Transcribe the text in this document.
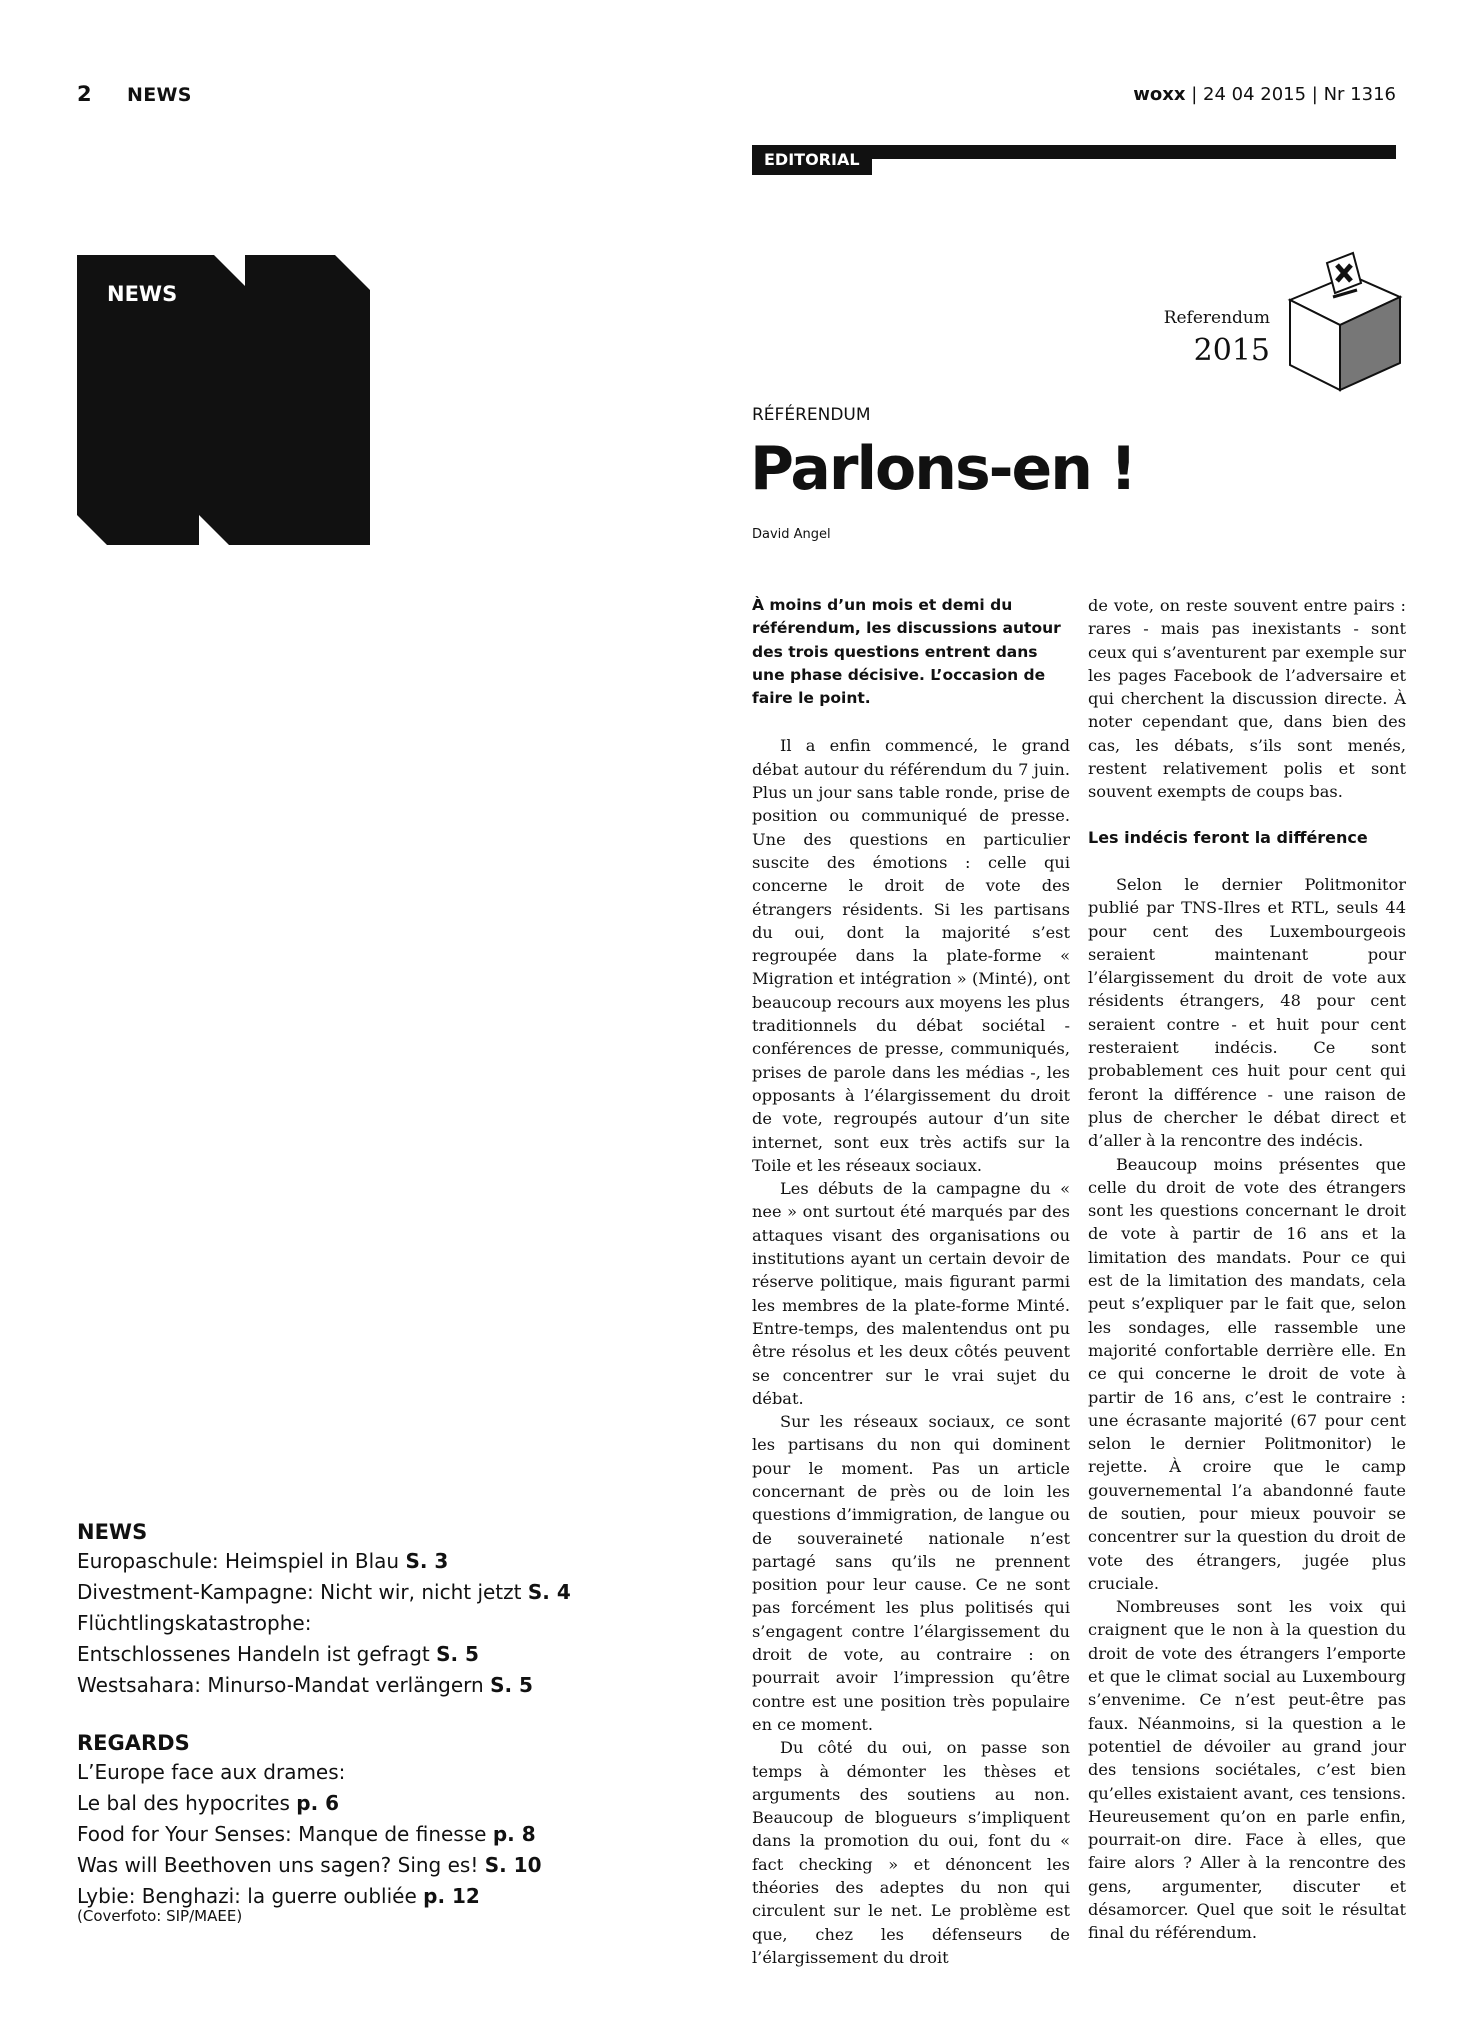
2 NEWS	woxx | 24 04 2015 | Nr 1316
EDITORIAL
NEWS
Referendum
2015
RÉFÉRENDUM
Parlons-en !
David Angel

À moins d’un mois et demi du référendum, les discussions autour des trois questions entrent dans une phase décisive. L’occasion de faire le point.

Il a enfin commencé, le grand débat autour du référendum du 7 juin. Plus un jour sans table ronde, prise de position ou communiqué de presse. Une des questions en particulier suscite des émotions : celle qui concerne le droit de vote des étrangers résidents. Si les partisans du oui, dont la majorité s’est regroupée dans la plate-forme « Migration et intégration » (Minté), ont beaucoup recours aux moyens les plus traditionnels du débat sociétal - conférences de presse, communiqués, prises de parole dans les médias -, les opposants à l’élargissement du droit de vote, regroupés autour d’un site internet, sont eux très actifs sur la Toile et les réseaux sociaux.

Les débuts de la campagne du « nee » ont surtout été marqués par des attaques visant des organisations ou institutions ayant un certain devoir de réserve politique, mais figurant parmi les membres de la plate-forme Minté. Entre-temps, des malentendus ont pu être résolus et les deux côtés peuvent se concentrer sur le vrai sujet du débat.

Sur les réseaux sociaux, ce sont les partisans du non qui dominent pour le moment. Pas un article concernant de près ou de loin les questions d’immigration, de langue ou de souveraineté nationale n’est partagé sans qu’ils ne prennent position pour leur cause. Ce ne sont pas forcément les plus politisés qui s’engagent contre l’élargissement du droit de vote, au contraire : on pourrait avoir l’impression qu’être contre est une position très populaire en ce moment.

Du côté du oui, on passe son temps à démonter les thèses et arguments des soutiens au non. Beaucoup de blogueurs s’impliquent dans la promotion du oui, font du « fact checking » et dénoncent les théories des adeptes du non qui circulent sur le net. Le problème est que, chez les défenseurs de l’élargissement du droit

de vote, on reste souvent entre pairs : rares - mais pas inexistants - sont ceux qui s’aventurent par exemple sur les pages Facebook de l’adversaire et qui cherchent la discussion directe. À noter cependant que, dans bien des cas, les débats, s’ils sont menés, restent relativement polis et sont souvent exempts de coups bas.

Les indécis feront la différence

Selon le dernier Politmonitor publié par TNS-Ilres et RTL, seuls 44 pour cent des Luxembourgeois seraient maintenant pour l’élargissement du droit de vote aux résidents étrangers, 48 pour cent seraient contre - et huit pour cent resteraient indécis. Ce sont probablement ces huit pour cent qui feront la différence - une raison de plus de chercher le débat direct et d’aller à la rencontre des indécis.

Beaucoup moins présentes que celle du droit de vote des étrangers sont les questions concernant le droit de vote à partir de 16 ans et la limitation des mandats. Pour ce qui est de la limitation des mandats, cela peut s’expliquer par le fait que, selon les sondages, elle rassemble une majorité confortable derrière elle. En ce qui concerne le droit de vote à partir de 16 ans, c’est le contraire : une écrasante majorité (67 pour cent selon le dernier Politmonitor) le rejette. À croire que le camp gouvernemental l’a abandonné faute de soutien, pour mieux pouvoir se concentrer sur la question du droit de vote des étrangers, jugée plus cruciale.

Nombreuses sont les voix qui craignent que le non à la question du droit de vote des étrangers l’emporte et que le climat social au Luxembourg s’envenime. Ce n’est peut-être pas faux. Néanmoins, si la question a le potentiel de dévoiler au grand jour des tensions sociétales, c’est bien qu’elles existaient avant, ces tensions. Heureusement qu’on en parle enfin, pourrait-on dire. Face à elles, que faire alors ? Aller à la rencontre des gens, argumenter, discuter et désamorcer. Quel que soit le résultat final du référendum.

NEWS
Europaschule: Heimspiel in Blau S. 3
Divestment-Kampagne: Nicht wir, nicht jetzt S. 4
Flüchtlingskatastrophe:
Entschlossenes Handeln ist gefragt S. 5
Westsahara: Minurso-Mandat verlängern S. 5
REGARDS
L’Europe face aux drames:
Le bal des hypocrites p. 6
Food for Your Senses: Manque de finesse p. 8
Was will Beethoven uns sagen? Sing es! S. 10
Lybie: Benghazi: la guerre oubliée p. 12
(Coverfoto: SIP/MAEE)
